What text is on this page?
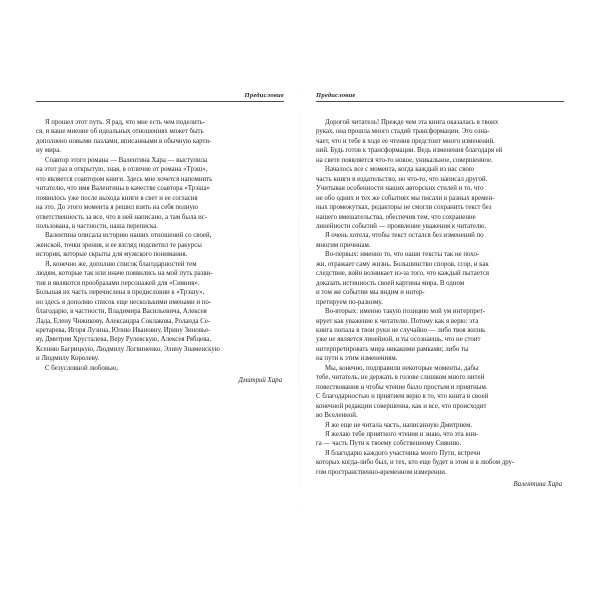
Предисловие

Я прошел этот путь. Я рад, что мне есть чем поделить-

ся, и ваше мнение об идеальных отношениях может быть

дополнено новыми пазлами, вписанными в обычную карти-

ну мира.

Соавтор этого романа — Валентина Хара — выступила

на этот раз в открытую, зная, в отличие от романа «Трэш»,

что является соавтором книги. Здесь мне хочется напомнить

читателю, что имя Валентины в качестве соавтора «Трэша»

появилось уже после выхода книги в свет и ее согласия

на это. До этого момента я решил взять на себя полную

ответственность за все, что в ней написано, а там была ис-

пользована, в частности, наша переписка.

Валентина описала историю наших отношений со своей,

женской, точки зрения, и ее взгляд подсветил те ракурсы

истории, которые скрыты для мужского понимания.

Я, конечно же, дополню список благодарностей тем

людям, которые так или иначе появились на мой путь разви-

тия и являются прообразами персонажей для «Сияния».

Большая их часть перечислена в предисловии к «Трэшу»,

но здесь я дополню список еще несколькими именами и по-

благодарю, в частности, Владимира Васильевича, Алексея

Лада, Елену Чижикову, Александра Соклакова, Роланда Се-

кретарева, Игоря Лузина, Юлию Ивановну, Ирину Зиновье-

ву, Дмитрия Хрусталева, Веру Рулевскую, Алексея Рябцева,

Ксению Багрицкую, Людмилу Логвиненко, Элину Знаменскую

и Людмилу Королеву.

С безусловной любовью,

Дмитрий Хара
Предисловие

Дорогой читатель! Прежде чем эта книга оказалась в твоих

руках, она прошла много стадий трансформации. Это озна-

чает, что и тебе в ходе ее чтения предстоит много изменений.

ний. Будь готов к трансформации. Ведь изменения благодаря ей

на свете появляется что-то новое, уникальное, совершенное.

Началось все с момента, когда каждый из нас свою

часть книги в издательство, но что-то, что написал другой.

Учитывая особенности наших авторских стилей и то, что

не обо одних и тех же событиях мы писали в разных времен-

ных промежутках, редакторы не смогли сохранить текст без

нашего вмешательства, обеспечив тем, что сохранение

линейности событий — проявление уважения к читателю.

Я очень хотела, чтобы текст остался без изменений по

многим причинам.

Во-первых: именно то, что наши тексты так не похо-

жи, отражает саму жизнь. Большинство споров, ссор, и как

следствие, войн возникает из-за того, что каждый пытается

доказать истинность своей картины мира. В одном

и том же событии мы видим и интер-

претируем по-разному.

Во-вторых: именно такую позицию мой ум интерпрет-

ирует как уважение к читателю. Потому как я верю: эта

книга попала в твои руки не случайно — либо твоя жизнь

уже не является линейной, и ты осознаешь, что не стоит

интерпретировать мира никакими рамками; либо ты

на пути к этим изменениям.

Мы, конечно, подправили некоторые моменты, дабы

тебе, читатель, не держать в голове слишком много нитей

повествования и чтобы чтение было простым и приятным.

С благодарностью и приятием верю в то, что книга в своей

конечной редакции совершенна, как и все, что происходит

во Вселенной.

Я же еще не читала часть, написанную Дмитрием.

Я желаю тебе приятного чтения и знаю, что эта кни-

га — часть Пути к твоему собственному Сиянию.

Я благодарю каждого участника моего Пути, встречи

которых когда-либо был, и тех, кто еще будет в этом и в любом дру-

гом пространственно-временном измерении.

Валентина Хара
